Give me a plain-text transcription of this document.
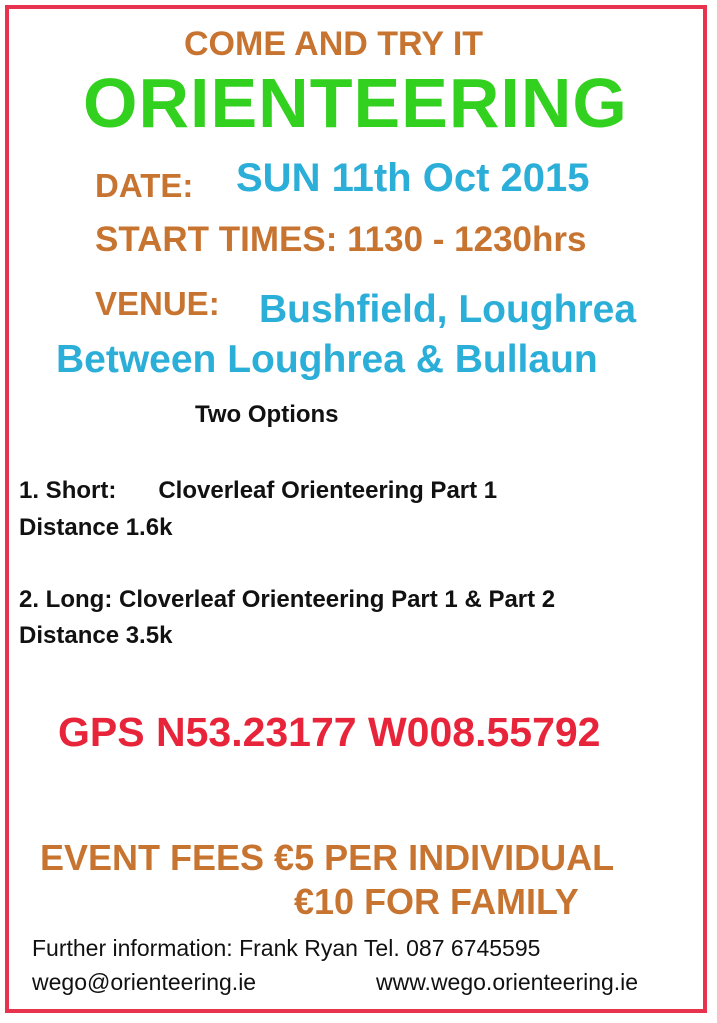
COME AND TRY IT
ORIENTEERING
DATE: SUN 11th Oct 2015
START TIMES: 1130 - 1230hrs
VENUE: Bushfield, Loughrea
Between Loughrea & Bullaun
Two Options
1. Short: Cloverleaf Orienteering Part 1
Distance 1.6k
2. Long: Cloverleaf Orienteering Part 1 & Part 2
Distance 3.5k
GPS N53.23177 W008.55792
EVENT FEES €5 PER INDIVIDUAL
€10 FOR FAMILY
Further information: Frank Ryan Tel. 087 6745595
wego@orienteering.ie	www.wego.orienteering.ie
